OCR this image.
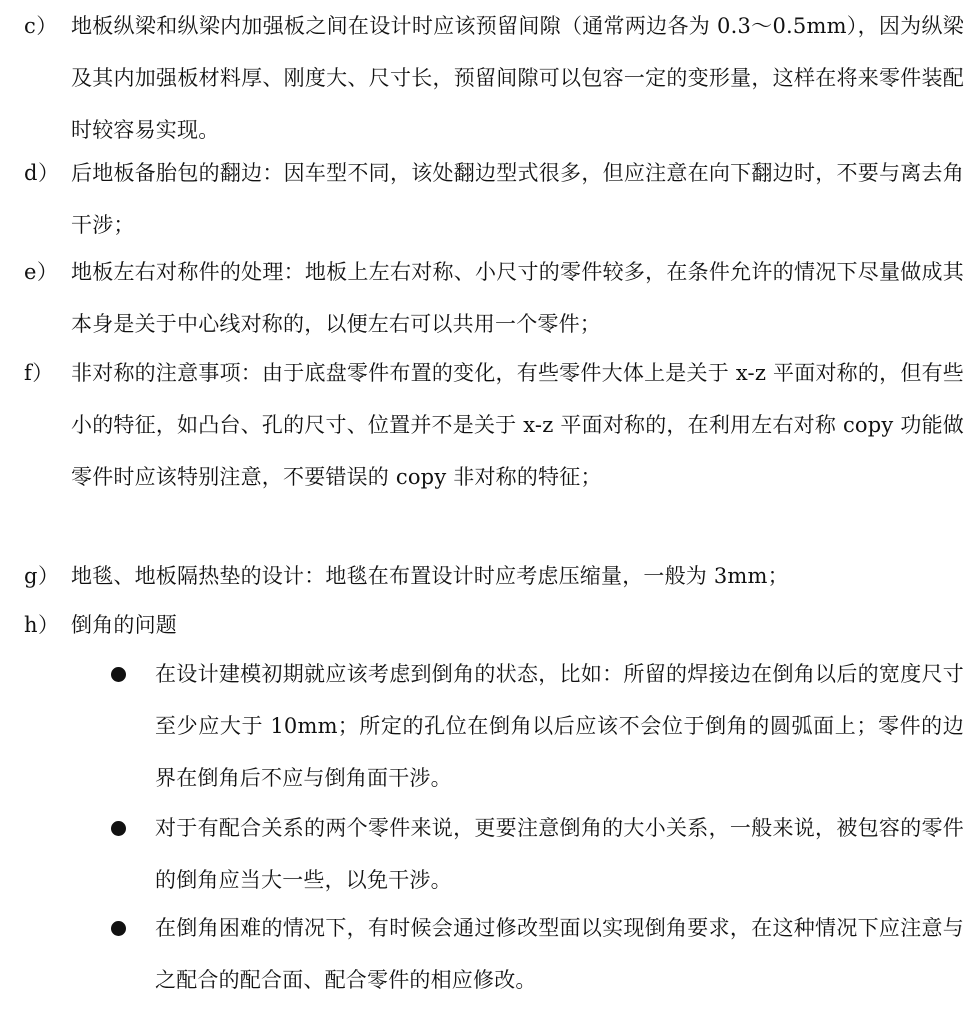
c） 地板纵梁和纵梁内加强板之间在设计时应该预留间隙（通常两边各为 0.3～0.5mm），因为纵梁及其内加强板材料厚、刚度大、尺寸长，预留间隙可以包容一定的变形量，这样在将来零件装配时较容易实现。
d） 后地板备胎包的翻边：因车型不同，该处翻边型式很多，但应注意在向下翻边时，不要与离去角干涉；
e） 地板左右对称件的处理：地板上左右对称、小尺寸的零件较多，在条件允许的情况下尽量做成其本身是关于中心线对称的，以便左右可以共用一个零件；
f） 非对称的注意事项：由于底盘零件布置的变化，有些零件大体上是关于 x-z 平面对称的，但有些小的特征，如凸台、孔的尺寸、位置并不是关于 x-z 平面对称的，在利用左右对称 copy 功能做零件时应该特别注意，不要错误的 copy 非对称的特征；
g） 地毯、地板隔热垫的设计：地毯在布置设计时应考虑压缩量，一般为 3mm；
h） 倒角的问题
在设计建模初期就应该考虑到倒角的状态，比如：所留的焊接边在倒角以后的宽度尺寸至少应大于 10mm；所定的孔位在倒角以后应该不会位于倒角的圆弧面上；零件的边界在倒角后不应与倒角面干涉。
对于有配合关系的两个零件来说，更要注意倒角的大小关系，一般来说，被包容的零件的倒角应当大一些，以免干涉。
在倒角困难的情况下，有时候会通过修改型面以实现倒角要求，在这种情况下应注意与之配合的配合面、配合零件的相应修改。
